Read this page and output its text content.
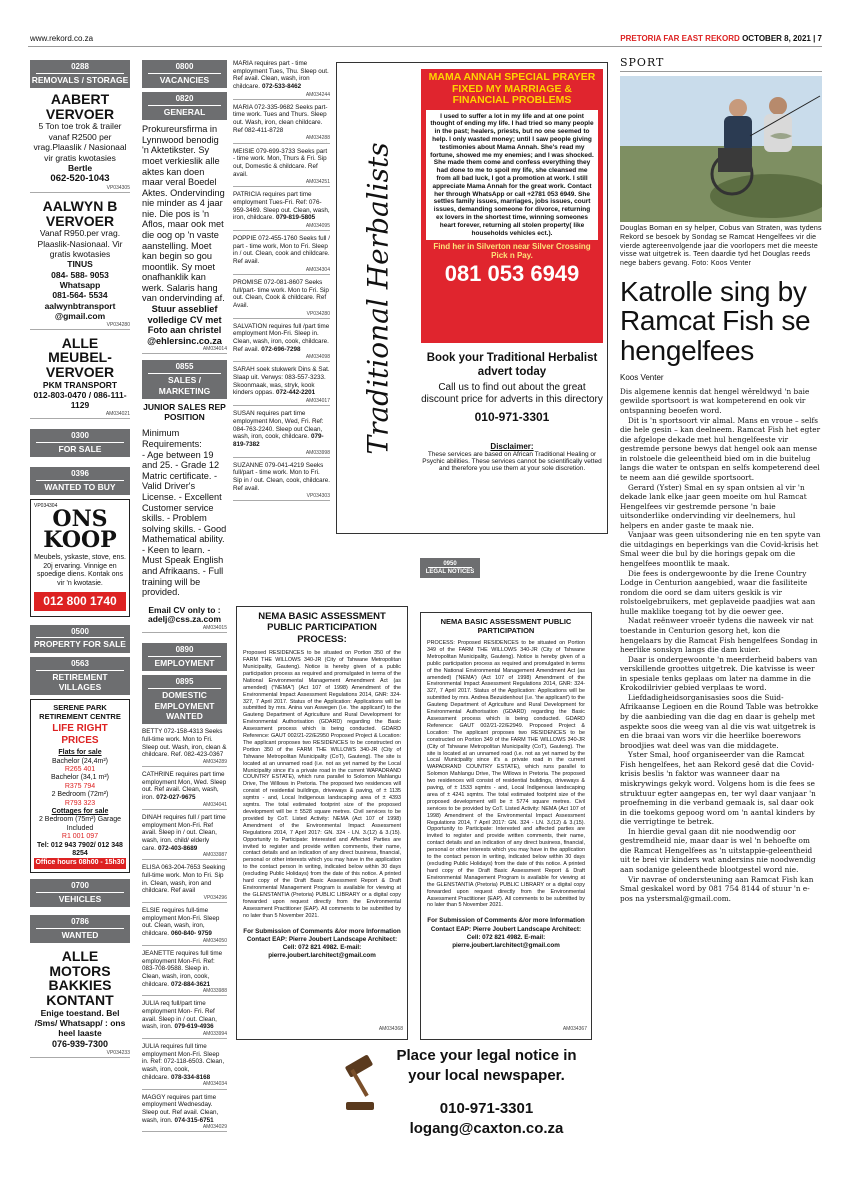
www.rekord.co.za	PRETORIA FAR EAST REKORD OCTOBER 8, 2021 | 7
0288
REMOVALS / STORAGE
AABERT VERVOER
5 Ton toe trok & trailer vanaf R2500 per vrag.Plaaslik / Nasionaal vir gratis kwotasies
Bertle
062-520-1043
VP034305
AALWYN B VERVOER
Vanaf R950.per vrag. Plaaslik-Nasionaal. Vir gratis kwotasies
TINUS
084- 588- 9053
Whatsapp
081-564- 5534
aalwynbtransport @gmail.com
VP034280
ALLE MEUBEL-VERVOER
PKM TRANSPORT
012-803-0470 / 086-111-1129
AM034021
0300
FOR SALE
0396
WANTED TO BUY
VP034304
ONS KOOP
Meubels, yskaste, stove, ens. 20j ervaring. Vinnige en spoedige diens. Kontak ons vir 'n kwotasie.
012 800 1740
0500
PROPERTY FOR SALE
0563
RETIREMENT VILLAGES
SERENE PARK RETIREMENT CENTRE
LIFE RIGHT PRICES
Flats for sale
Bachelor (24,4m²)
R265 401
Bachelor (34,1 m²)
R375 794
2 Bedroom (72m²)
R793 323
Cottages for sale
2 Bedroom (75m²) Garage Included
R1 001 097
Tel: 012 943 7902/ 012 348 8254
Office hours 08h00 - 15h30
0700
VEHICLES
0786
WANTED
ALLE MOTORS BAKKIES KONTANT
Enige toestand. Bel /Sms/ Whatsapp/ : ons heel laaste
076-939-7300
VP034233
0800
VACANCIES
0820
GENERAL
Prokureursfirma in Lynnwood benodig 'n Aktetikster. Sy moet verkieslik alle aktes kan doen maar veral Boedel Aktes. Ondervinding nie minder as 4 jaar nie. Die pos is 'n Aflos, maar ook met die oog op 'n vaste aanstelling. Moet kan begin so gou moontlik. Sy moet onafhanklik kan werk. Salaris hang van ondervinding af.
Stuur asseblief volledige CV met Foto aan christel @ehlersinc.co.za
AM034014
0855
SALES / MARKETING
JUNIOR SALES REP POSITION
Minimum Requirements:
- Age between 19 and 25. - Grade 12 Matric certificate. - Valid Driver's License. - Excellent Customer service skills. - Problem solving skills. - Good Mathematical ability. - Keen to learn. - Must Speak English and Afrikaans. - Full training will be provided.
Email CV only to : adelj@css.za.com
AM034015
0890
EMPLOYMENT
0895
DOMESTIC EMPLOYMENT WANTED
BETTY 072-158-4313 Seeks full-time work. Mon to Fri. Sleep out. Wash, iron, clean & childcare. Ref. 082-423-0367
AM034289
CATHRINE requires part time employment Mon, Wed. Sleep out. Ref avail. Clean, wash, iron. 072-027-9675
AM034041
DINAH requires full / part time employment Mon-Fri. Ref avail. Sleep in / out. Clean, wash, iron. child/ elderly care. 072-403-8689
AM033987
ELISA 063-204-7653 Seeking full-time work. Mon to Fri. Sip in. Clean, wash, iron and childcare. Ref avail
VP034296
ELSIE requires full-time employment Mon-Fri. Sleep out. Clean, wash, iron, childcare. 060-840- 9759
AM034050
JEANETTE requires full time employment Mon-Fri. Ref: 083-708-9588. Sleep in. Clean, wash, iron, cook, childcare. 072-884-3621
AM033988
JULIA req full/part time employment Mon- Fri. Ref avail. Sleep in / out. Clean, wash, iron. 079-619-4936
AM033994
JULIA requires full time employment Mon-Fri. Sleep in. Ref: 072-118-6503. Clean, wash, iron, cook, childcare. 078-334-8168
AM034034
MAGGY requires part time employment Wednesday. Sleep out. Ref avail. Clean, wash, iron. 074-315-6751
AM034029
MARIA requires part - time employment Tues, Thu. Sleep out. Ref avail. Clean, wash, iron childcare. 072-533-8462
AM034244
MARIA 072-335-9682 Seeks part-time work. Tues and Thurs. Sleep out. Wash, iron, clean childcare. Ref 082-411-8728
AM034288
MEISIE 079-699-3733 Seeks part - time work. Mon, Thurs & Fri. Sip out, Domestic & childcare. Ref avail.
AM034251
PATRICIA requires part time employment Tues-Fri. Ref: 076-959-3469. Sleep out. Clean, wash, iron, childcare. 079-819-5805
AM034095
POPPIE 072-455-1760 Seeks full / part - time work, Mon to Fri. Sleep in / out. Clean, cook and childcare. Ref avail.
AM034304
PROMISE 072-081-8607 Seeks full/part- time work. Mon to Fri. Sip out. Clean, Cook & childcare. Ref Avail.
VP034280
SALVATION requires full /part time employment Mon-Fri. Sleep in. Clean, wash, iron, cook, childcare. Ref avail. 072-696-7298
AM034098
SARAH soek stukwerk Dins & Sat. Slaap uit. Verwys: 083-557-3233. Skoonmaak, was, stryk, kook kinders oppas. 072-442-2201
AM034017
SUSAN requires part time employment Mon, Wed, Fri. Ref: 084-763-2240. Sleep out Clean, wash, iron, cook, childcare. 079-819-7382
AM033998
SUZANNE 079-041-4219 Seeks full/part - time work. Mon to Fri. Sip in / out. Clean, cook, childcare. Ref avail.
VP034303
Traditional Herbalists
MAMA ANNAH SPECIAL PRAYER FIXED MY MARRIAGE & FINANCIAL PROBLEMS
I used to suffer a lot in my life and at one point thought of ending my life. I had tried so many people in the past; healers, priests, but no one seemed to help. I only wasted money; until I saw people giving testimonies about Mama Annah. She's read my fortune, showed me my enemies; and I was shocked. She made them come and confess everything they had done to me to spoil my life, she cleansed me from all bad luck, I got a promotion at work. I still appreciate Mama Annah for the great work. Contact her through WhatsApp or call +2781 053 6949. She settles family issues, marriages, jobs issues, court issues, demanding someone for divorce, returning ex lovers in the shortest time, winning someones heart forever, returning all stolen property( like households vehicles ect.).
Find her in Silverton near Silver Crossing Pick n Pay.
081 053 6949
Book your Traditional Herbalist advert today
Call us to find out about the great discount price for adverts in this directory
010-971-3301
Disclaimer:
These services are based on African Traditional Healing or Psychic abilities. These services cannot be scientifically vetted and therefore you use them at your sole discretion.
0950
LEGAL NOTICES
NEMA BASIC ASSESSMENT PUBLIC PARTICIPATION PROCESS:
Proposed RESIDENCES to be situated on Portion 350 of the FARM THE WILLOWS 340-JR (City of Tshwane Metropolitan Municipality, Gauteng). Notice is hereby given of a public participation process as required and promulgated in terms of the National Environmental Management Amendment Act (as amended) ("NEMA") (Act 107 of 1998) Amendment of the Environmental Impact Assessment Regulations 2014, GNR: 324-327, 7 April 2017. Status of the Application: Applications will be submitted by mrs. Anina van Aswegen (i.e. 'the applicant') to the Gauteng Department of Agriculture and Rural Development for Environmental Authorisation (GDARD) regarding the Basic Assessment process which is being conducted. GDARD Reference: GAUT 002/21-22/E2950 Proposed Project & Location: The applicant proposes two RESIDENCES to be constructed on Portion 350 of the FARM THE WILLOWS 340-JR (City of Tshwane Metropolitan Municipality (CoT), Gauteng). The site is located at an unnamed road (i.e. not as yet named by the Local Municipality since it's a private road in the current WAPADRAND COUNTRY ESTATE), which runs parallel to Solomon Mahlangu Drive, The Willows in Pretoria. The proposed two residences will consist of residential buildings, driveways & paving, of ± 1135 sqmtrs - and, Local Indigenous landscaping area of ± 4393 sqmtrs. The total estimated footprint size of the proposed development will be ± 5528 square metres. Civil services to be provided by CoT. Listed Activity: NEMA (Act 107 of 1998) Amendment of the Environmental Impact Assessment Regulations 2014, 7 April 2017: GN. 324 - LN. 3.(12) & 3.(15). Opportunity to Participate: Interested and Affected Parties are invited to register and provide written comments, their name, contact details and an indication of any direct business, financial, personal or other interests which you may have in the application to the contact person in writing, indicated below within 30 days (excluding Public Holidays) from the date of this notice. A printed hard copy of the Draft Basic Assessment Report & Draft Environmental Management Program is available for viewing at the GLENSTANTIA (Pretoria) PUBLIC LIBRARY or a digital copy forwarded upon request directly from the Environmental Assessment Practitioner (EAP). All comments to be submitted by no later than 5 November 2021.
For Submission of Comments &/or more Information Contact EAP: Pierre Joubert Landscape Architect: Cell: 072 821 4982. E-mail: pierre.joubert.larchitect@gmail.com
AM034368
NEMA BASIC ASSESSMENT PUBLIC PARTICIPATION
PROCESS: Proposed RESIDENCES to be situated on Portion 349 of the FARM THE WILLOWS 340-JR (City of Tshwane Metropolitan Municipality, Gauteng). Notice is hereby given of a public participation process as required and promulgated in terms of the National Environmental Management Amendment Act (as amended) ('NEMA') (Act 107 of 1998) Amendment of the Environmental Impact Assessment Regulations 2014, GNR: 324-327, 7 April 2017. Status of the Application: Applications will be submitted by mrs. Andrea Bezuidenhout (i.e. 'the applicant') to the Gauteng Department of Agriculture and Rural Development for Environmental Authorisation (GDARD) regarding the Basic Assessment process which is being conducted. GDARD Reference: GAUT 002/21-22/E2949. Proposed Project & Location: The applicant proposes two RESIDENCES to be constructed on Portion 349 of the FARM THE WILLOWS 340-JR (City of Tshwane Metropolitan Municipality (CoT), Gauteng). The site is located at an unnamed road (i.e. not as yet named by the Local Municipality since it's a private road in the current WAPADRAND COUNTRY ESTATE), which runs parallel to Solomon Mahlangu Drive, The Willows in Pretoria. The proposed two residences will consist of residential buildings, driveways & paving, of ± 1533 sqmtrs - and, Local Indigenous landscaping area of ± 4241 sqmtrs. The total estimated footprint size of the proposed development will be ± 5774 square metres. Civil services to be provided by CoT. Listed Activity: NEMA (Act 107 of 1998) Amendment of the Environmental Impact Assessment Regulations 2014, 7 April 2017: GN. 324 - LN. 3.(12) & 3.(15). Opportunity to Participate: Interested and affected parties are invited to register and provide written comments, their name, contact details and an indication of any direct business, financial, personal or other interests which you may have in the application to the contact person in writing, indicated below within 30 days (excluding Public Holidays) from the date of this notice. A printed hard copy of the Draft Basic Assessment Report & Draft Environmental Management Program is available for viewing at the GLENSTANTIA (Pretoria) PUBLIC LIBRARY or a digital copy forwarded upon request directly from the Environmental Assessment Practitioner (EAP). All comments to be submitted by no later than 5 November 2021.
For Submission of Comments &/or more Information Contact EAP: Pierre Joubert Landscape Architect: Cell: 072 821 4982. E-mail: pierre.joubert.larchitect@gmail.com
AM034367
Place your legal notice in your local newspaper.
010-971-3301
logang@caxton.co.za
SPORT
Douglas Boman en sy helper, Cobus van Straten, was tydens Rekord se besoek by Sondag se Ramcat Hengelfees vir die vierde agtereenvolgende jaar die voorlopers met die meeste visse wat uitgetrek is. Teen daardie tyd het Douglas reeds nege babers gevang. Foto: Koos Venter
Katrolle sing by Ramcat Fish se hengelfees
Koos Venter

Dis algemene kennis dat hengel wêreldwyd 'n baie gewilde sportsoort is wat kompeterend en ook vir ontspanning beoefen word.

Dit is 'n sportsoort vir almal. Mans en vroue – selfs die hele gesin – kan deelneem. Ramcat Fish het egter die afgelope dekade met hul hengelfeeste vir gestremde persone bewys dat hengel ook aan mense in rolstoele die geleentheid bied om in die buitelug langs die water te ontspan en selfs kompeterend deel te neem aan dié gewilde sportsoort.

Gerard (Yster) Smal en sy span ontsien al vir 'n dekade lank elke jaar geen moeite om hul Ramcat Hengelfees vir gestremde persone 'n baie uitsonderlike ondervinding vir deelnemers, hul helpers en ander gaste te maak nie.

Vanjaar was geen uitsondering nie en ten spyte van die uitdagings en beperkings van die Covid-krisis het Smal weer die bul by die horings gepak om die hengelfees moontlik te maak.

Die fees is ondergewoonte by die Irene Country Lodge in Centurion aangebied, waar die fasiliteite rondom die oord se dam uiters geskik is vir rolstoelgebruikers, met geplaveide paadjies wat aan hulle maklike toegang tot by die oewer gee.

Nadat reënweer vroeër tydens die naweek vir nat toestande in Centurion gesorg het, kon die hengelaars by die Ramcat Fish hengelfees Sondag in heerlike sonskyn langs die dam kuier.

Daar is ondergewoonte 'n meerderheid babers van verskillende groottes uitgetrek. Die katvisse is weer in spesiale tenks geplaas om later na damme in die Krokodilrivier gebied verplaas te word.

Liefdadigheidsorganisasies soos die Suid-Afrikaanse Legioen en die Round Table was betrokke by die aanbieding van die dag en daar is gehelp met aspekte soos die weeg van al die vis wat uitgetrek is en die braai van wors vir die heerlike boerewors broodjies wat deel was van die middagete.

Yster Smal, hoof organiseerder van die Ramcat Fish hengelfees, het aan Rekord gesê dat die Covid-krisis beslis 'n faktor was wanneer daar na miskrywings gekyk word. Volgens hom is die fees se struktuur egter aangepas en, ter wyl daar vanjaar 'n proefneming in die verband gemaak is, sal daar ook in die toekoms gepoog word om 'n aantal kinders by die verrigtinge te betrek.

In hierdie geval gaan dit nie noodwendig oor gestremdheid nie, maar daar is wel 'n behoefte om die Ramcat Hengelfees as 'n uitstappie-geleentheid uit te brei vir kinders wat andersins nie noodwendig aan sodanige geleenthede blootgestel word nie.

Vir navrae of ondersteuning aan Ramcat Fish kan Smal geskakel word by 081 754 8144 of stuur 'n e-pos na ystersmal@gmail.com.
